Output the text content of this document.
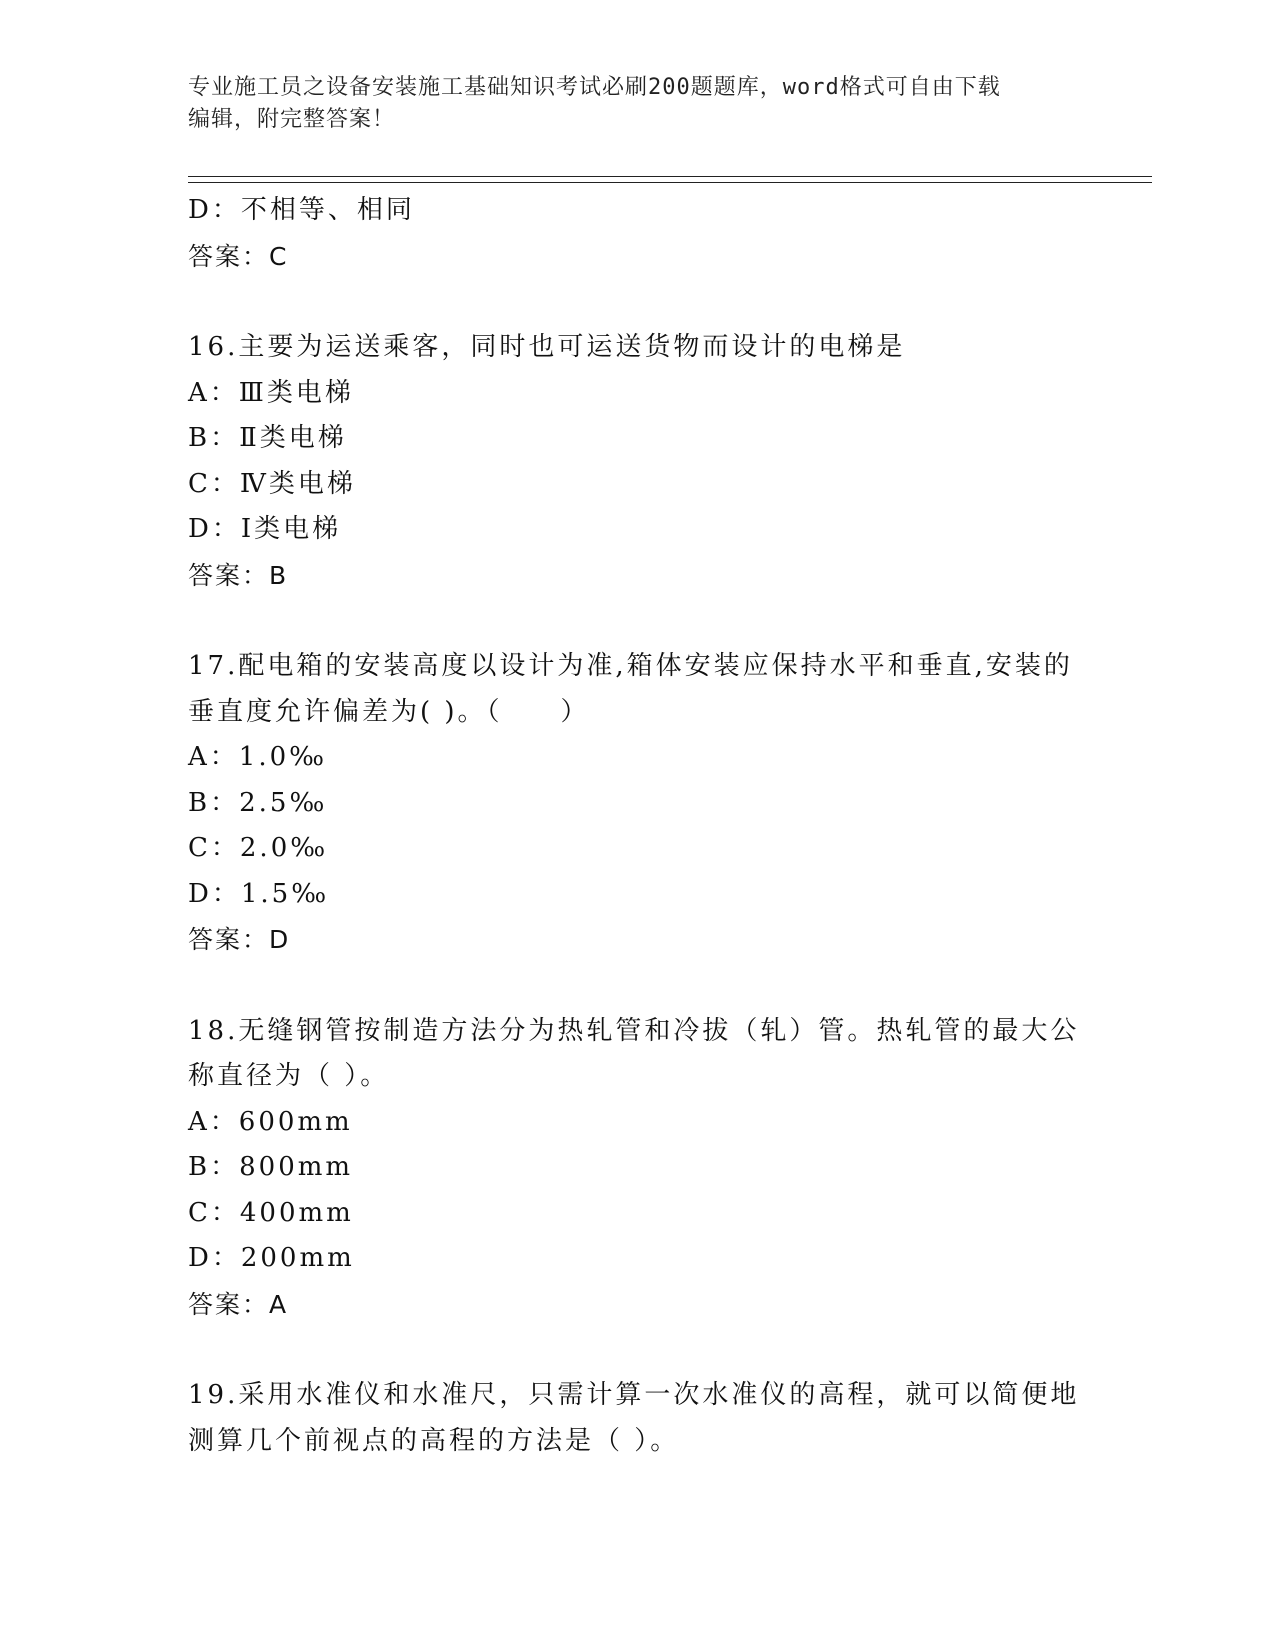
专业施工员之设备安装施工基础知识考试必刷200题题库，word格式可自由下载
编辑，附完整答案！
D：不相等、相同
答案：C
16.主要为运送乘客，同时也可运送货物而设计的电梯是
A：Ⅲ类电梯
B：Ⅱ类电梯
C：Ⅳ类电梯
D：Ⅰ类电梯
答案：B
17.配电箱的安装高度以设计为准,箱体安装应保持水平和垂直,安装的
垂直度允许偏差为( )。（　　）
A：1.0‰
B：2.5‰
C：2.0‰
D：1.5‰
答案：D
18.无缝钢管按制造方法分为热轧管和冷拔（轧）管。热轧管的最大公
称直径为（ ）。
A：600mm
B：800mm
C：400mm
D：200mm
答案：A
19.采用水准仪和水准尺，只需计算一次水准仪的高程，就可以简便地
测算几个前视点的高程的方法是（ ）。
